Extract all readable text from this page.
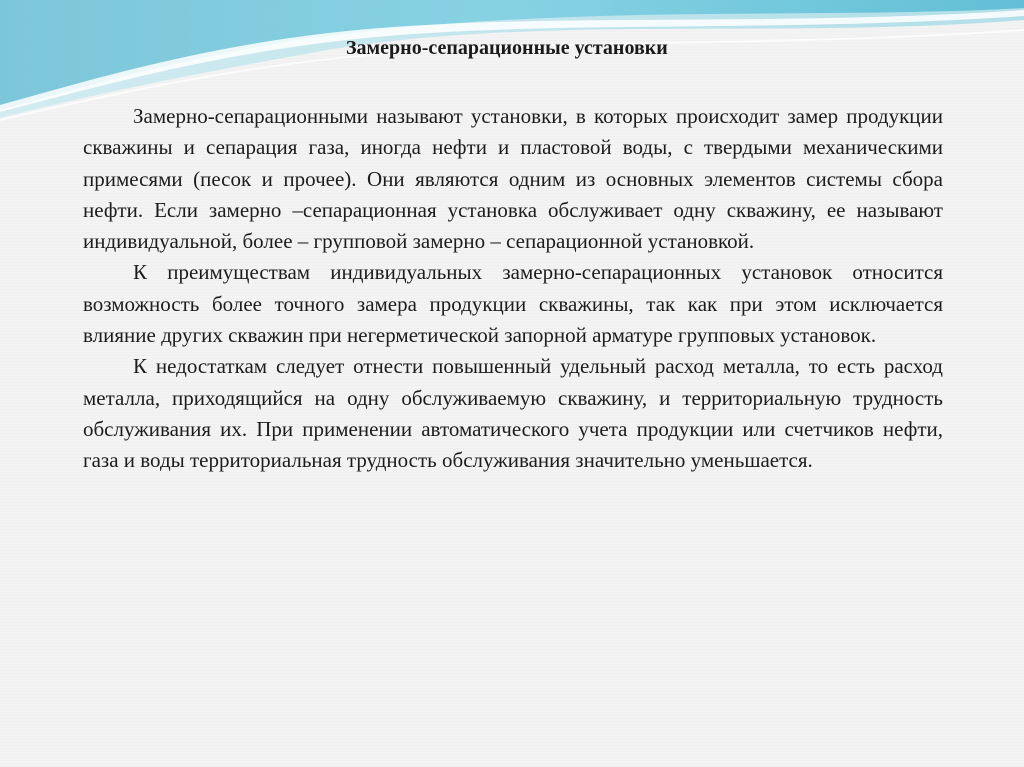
Замерно-сепарационные установки

Замерно-сепарационными называют установки, в которых происходит замер продукции скважины и сепарация газа, иногда нефти и пластовой воды, с твердыми механическими примесями (песок и прочее). Они являются одним из основных элементов системы сбора нефти. Если замерно –сепарационная установка обслуживает одну скважину, ее называют индивидуальной, более – групповой замерно – сепарационной установкой.

К преимуществам индивидуальных замерно-сепарационных установок относится возможность более точного замера продукции скважины, так как при этом исключается влияние других скважин при негерметической запорной арматуре групповых установок.

К недостаткам следует отнести повышенный удельный расход металла, то есть расход металла, приходящийся на одну обслуживаемую скважину, и территориальную трудность обслуживания их. При применении автоматического учета продукции или счетчиков нефти, газа и воды территориальная трудность обслуживания значительно уменьшается.
